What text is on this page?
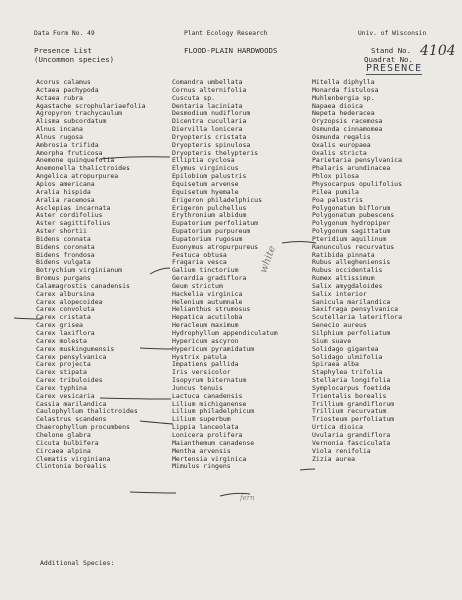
Data Form No. 49	Plant Ecology Research	Univ. of Wisconsin
Presence List
(Uncommon species)
FLOOD-PLAIN HARDWOODS	Stand No.
Quadrat No.
4104
PRESENCE
Acorus calamus
Actaea pachypoda
Actaea rubra
Agastache scrophulariaefolia
Agropyron trachycaulum
Alisma subcordatum
Alnus incana
Alnus rugosa
Ambrosia trifida
Amorpha fruticosa
Anemone quinquefolia
Anemonella thalictroides
Angelica atropurpurea
Apios americana
Aralia hispida
Aralia racemosa
Asclepias incarnata
Aster cordifolius
Aster sagittifolius
Aster shortii
Bidens connata
Bidens coronata
Bidens frondosa
Bidens vulgata
Botrychium virginianum
Bromus purgans
Calamagrostis canadensis
Carex albursina
Carex alopecoidea
Carex convoluta
Carex cristata
Carex grisea
Carex laxiflora
Carex molesta
Carex muskingumensis
Carex pensylvanica
Carex projecta
Carex stipata
Carex tribuloides
Carex typhina
Carex vesicaria
Cassia marilandica
Caulophyllum thalictroides
Celastrus scandens
Chaerophyllum procumbens
Chelone glabra
Cicuta bulbifera
Circaea alpina
Clematis virginiana
Clintonia borealis
Comandra umbellata
Cornus alternifolia
Cuscuta sp.
Dentaria laciniata
Desmodium nudiflorum
Dicentra cucullaria
Diervilla lonicera
Dryopteris cristata
Dryopteris spinulosa
Dryopteris thelypteris
Elliptia cyclosa
Elymus virginicus
Epilobium palustris
Equisetum arvense
Equisetum hyemale
Erigeron philadelphicus
Erigeron pulchellus
Erythronium albidum
Eupatorium perfoliatum
Eupatorium purpureum
Eupatorium rugosum
Euonymus atropurpureus
Festuca obtusa
Fragaria vesca
Galium tinctorium
Gerardia gradiflora
Geum strictum
Hackelia virginica
Helenium autumnale
Helianthus strumosus
Hepatica acutiloba
Heracleum maximum
Hydrophyllum appendiculatum
Hypericum ascyron
Hypericum pyramidatum
Hystrix patula
Impatiens pallida
Iris versicolor
Isopyrum biternatum
Juncus tenuis
Lactuca canadensis
Lilium michiganense
Lilium philadelphicum
Lilium superbum
Lippia lanceolata
Lonicera prolifera
Maianthemum canadense
Mentha arvensis
Mertensia virginica
Mimulus ringens
Mitella diphylla
Monarda fistulosa
Muhlenbergia sp.
Napaea dioica
Nepeta hederacea
Oryzopsis racemosa
Osmunda cinnamomea
Osmunda regalis
Oxalis europaea
Oxalis stricta
Parietaria pensylvanica
Phalaris arundinacea
Phlox pilosa
Physocarpus opulifolius
Pilea pumila
Poa palustris
Polygonatum biflorum
Polygonatum pubescens
Polygonum hydropiper
Polygonum sagittatum
Pteridium aquilinum
Ranunculus recurvatus
Ratibida pinnata
Rubus allegheniensis
Rubus occidentalis
Rumex altissimum
Salix amygdaloides
Salix interior
Sanicula marilandica
Saxifraga pensylvanica
Scutellaria lateriflora
Senecio aureus
Silphium perfoliatum
Sium suave
Solidago gigantea
Solidago ulmifolia
Spiraea alba
Staphylea trifolia
Stellaria longifolia
Symplocarpus foetida
Trientalis borealis
Trillium grandiflorum
Trillium recurvatum
Triosteum perfoliatum
Urtica dioica
Uvularia grandiflora
Vernonia fasciculata
Viola renifolia
Zizia aurea
white
fern
Additional Species:
